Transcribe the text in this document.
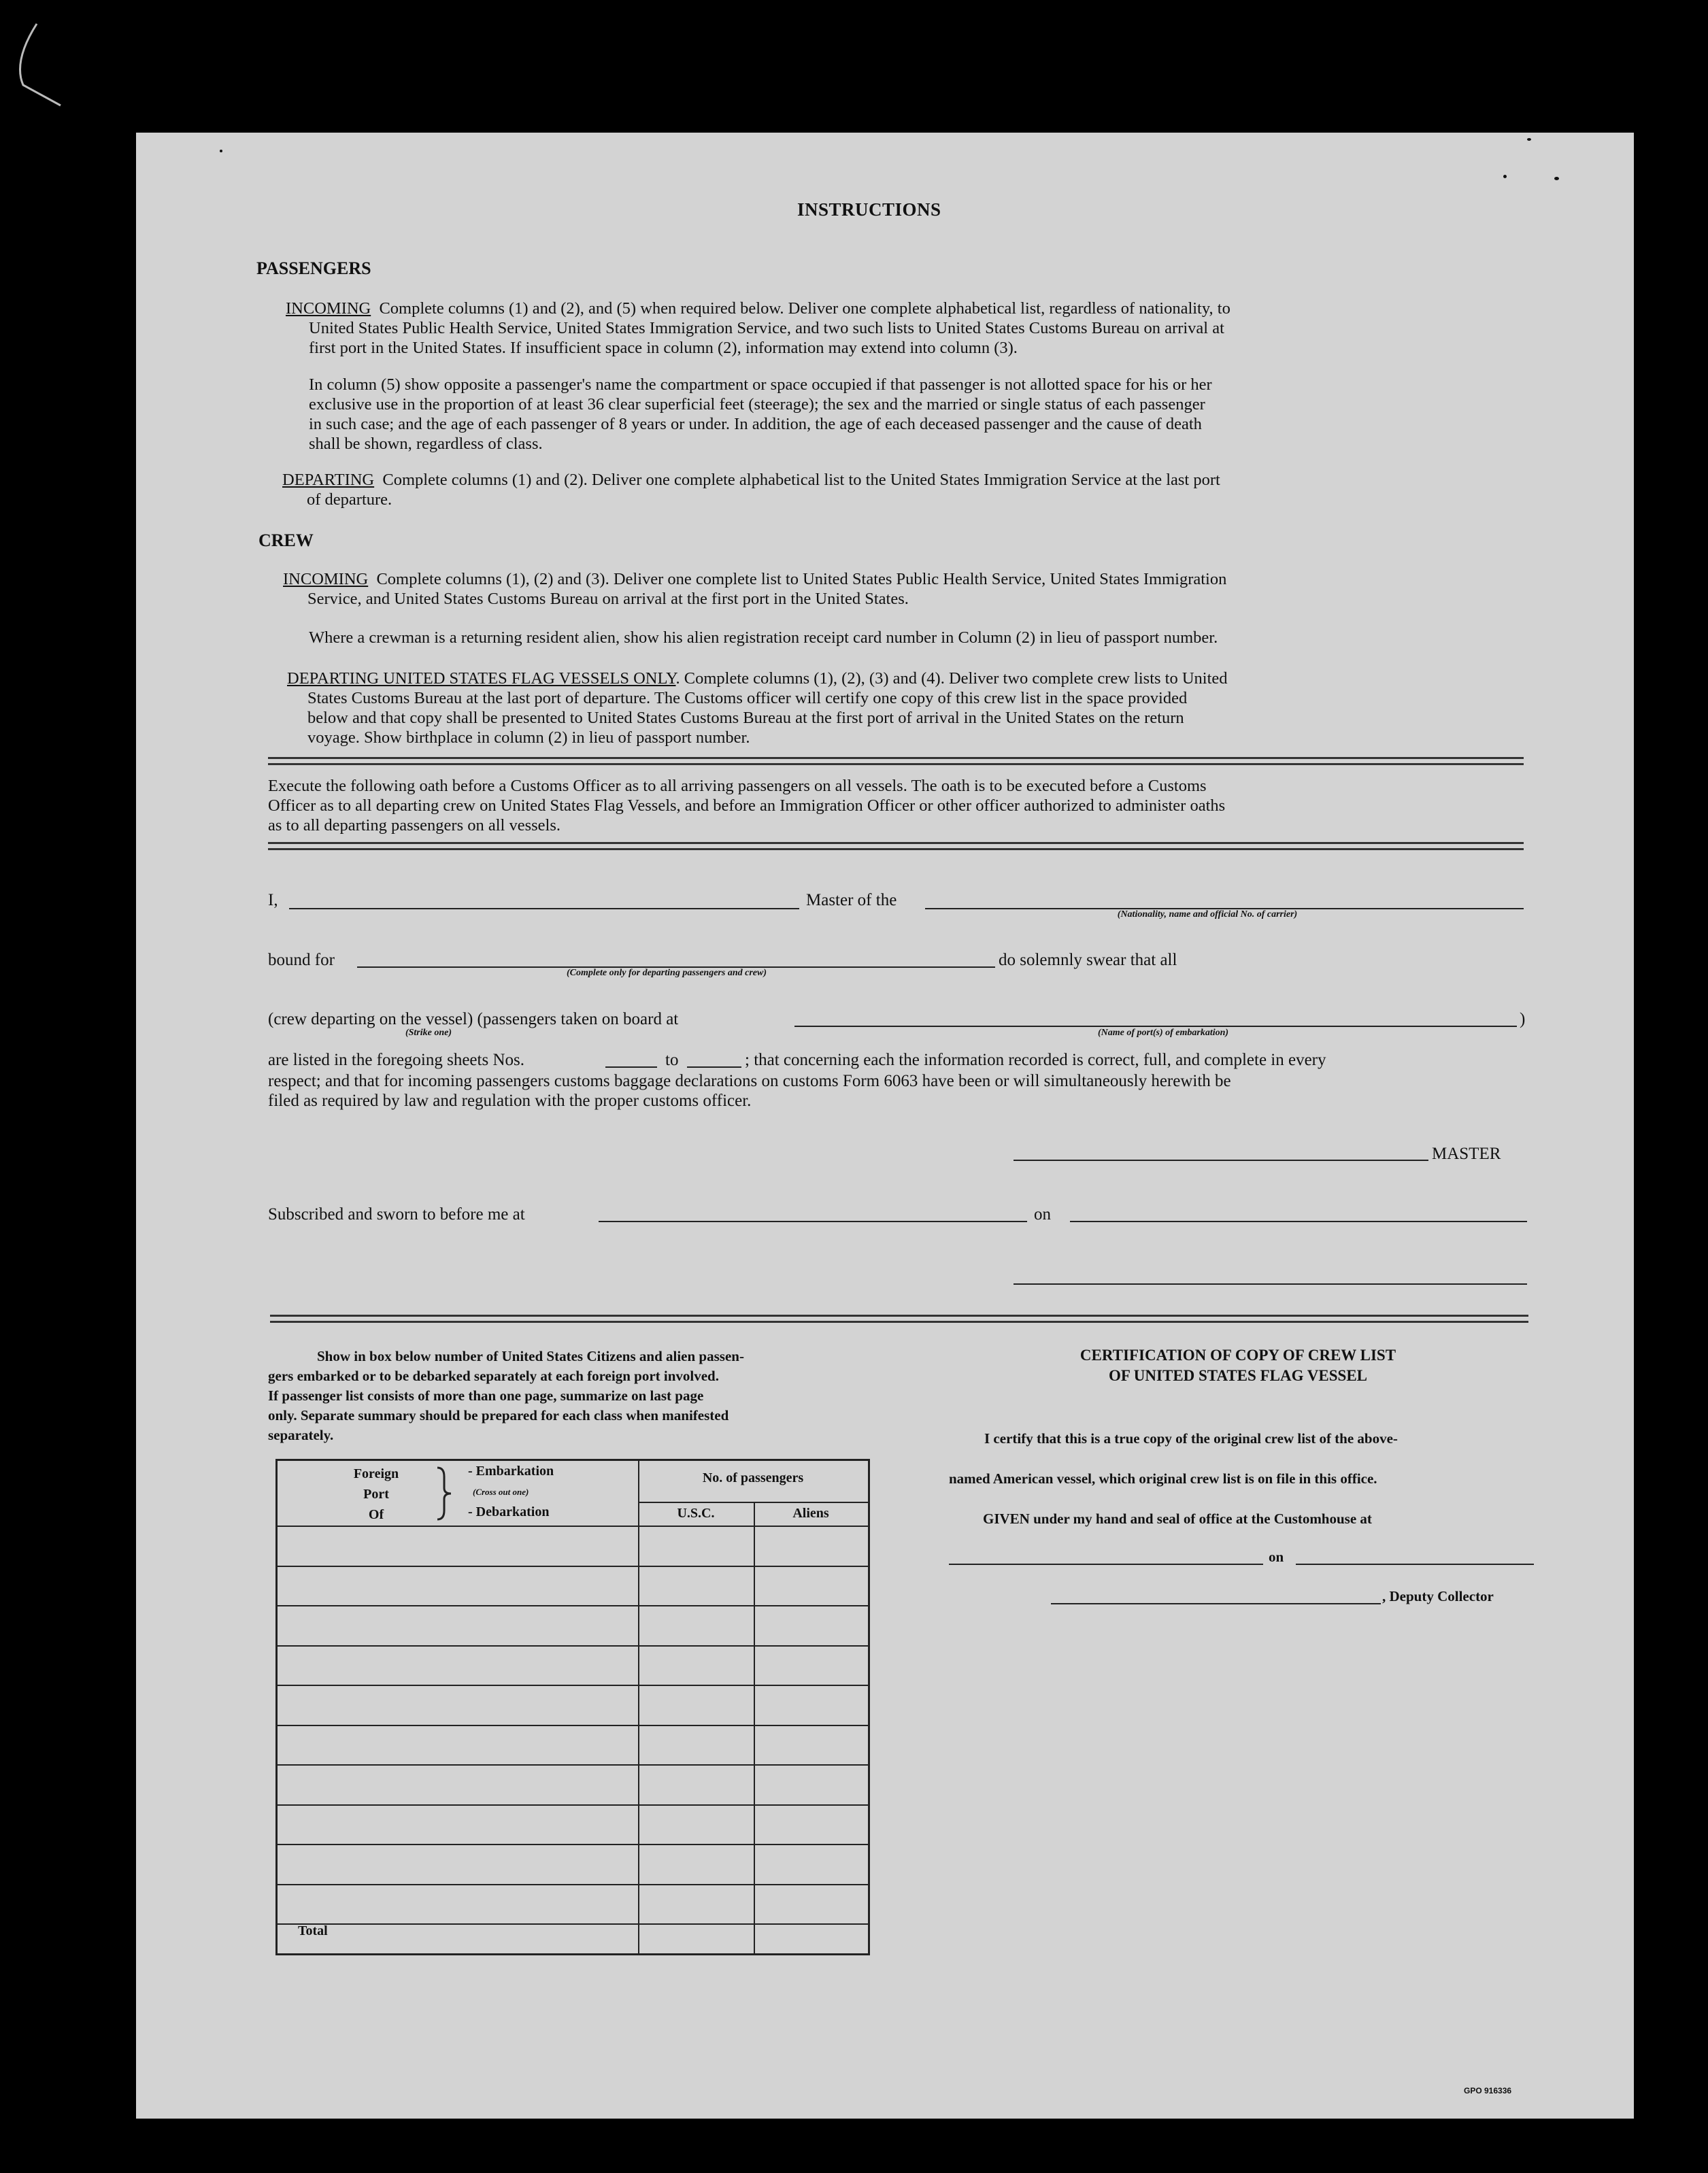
INSTRUCTIONS
PASSENGERS
INCOMING Complete columns (1) and (2), and (5) when required below. Deliver one complete alphabetical list, regardless of nationality, to
United States Public Health Service, United States Immigration Service, and two such lists to United States Customs Bureau on arrival at
first port in the United States. If insufficient space in column (2), information may extend into column (3).
In column (5) show opposite a passenger's name the compartment or space occupied if that passenger is not allotted space for his or her
exclusive use in the proportion of at least 36 clear superficial feet (steerage); the sex and the married or single status of each passenger
in such case; and the age of each passenger of 8 years or under. In addition, the age of each deceased passenger and the cause of death
shall be shown, regardless of class.
DEPARTING Complete columns (1) and (2). Deliver one complete alphabetical list to the United States Immigration Service at the last port
of departure.
CREW
INCOMING Complete columns (1), (2) and (3). Deliver one complete list to United States Public Health Service, United States Immigration
Service, and United States Customs Bureau on arrival at the first port in the United States.
Where a crewman is a returning resident alien, show his alien registration receipt card number in Column (2) in lieu of passport number.
DEPARTING UNITED STATES FLAG VESSELS ONLY. Complete columns (1), (2), (3) and (4). Deliver two complete crew lists to United
States Customs Bureau at the last port of departure. The Customs officer will certify one copy of this crew list in the space provided
below and that copy shall be presented to United States Customs Bureau at the first port of arrival in the United States on the return
voyage. Show birthplace in column (2) in lieu of passport number.
Execute the following oath before a Customs Officer as to all arriving passengers on all vessels. The oath is to be executed before a Customs
Officer as to all departing crew on United States Flag Vessels, and before an Immigration Officer or other officer authorized to administer oaths
as to all departing passengers on all vessels.
I,	Master of the
(Nationality, name and official No. of carrier)
bound for
(Complete only for departing passengers and crew)
do solemnly swear that all
(crew departing on the vessel) (passengers taken on board at
(Strike one)	(Name of port(s) of embarkation)
)
are listed in the foregoing sheets Nos.	to	; that concerning each the information recorded is correct, full, and complete in every
respect; and that for incoming passengers customs baggage declarations on customs Form 6063 have been or will simultaneously herewith be
filed as required by law and regulation with the proper customs officer.
MASTER
Subscribed and sworn to before me at	on
Show in box below number of United States Citizens and alien passen-
gers embarked or to be debarked separately at each foreign port involved.
If passenger list consists of more than one page, summarize on last page
only. Separate summary should be prepared for each class when manifested
separately.
Foreign
Port
Of
- Embarkation
(Cross out one)
- Debarkation
No. of passengers
U.S.C.	Aliens
Total
CERTIFICATION OF COPY OF CREW LIST
OF UNITED STATES FLAG VESSEL
I certify that this is a true copy of the original crew list of the above-
named American vessel, which original crew list is on file in this office.
GIVEN under my hand and seal of office at the Customhouse at
on
, Deputy Collector
GPO 916336
